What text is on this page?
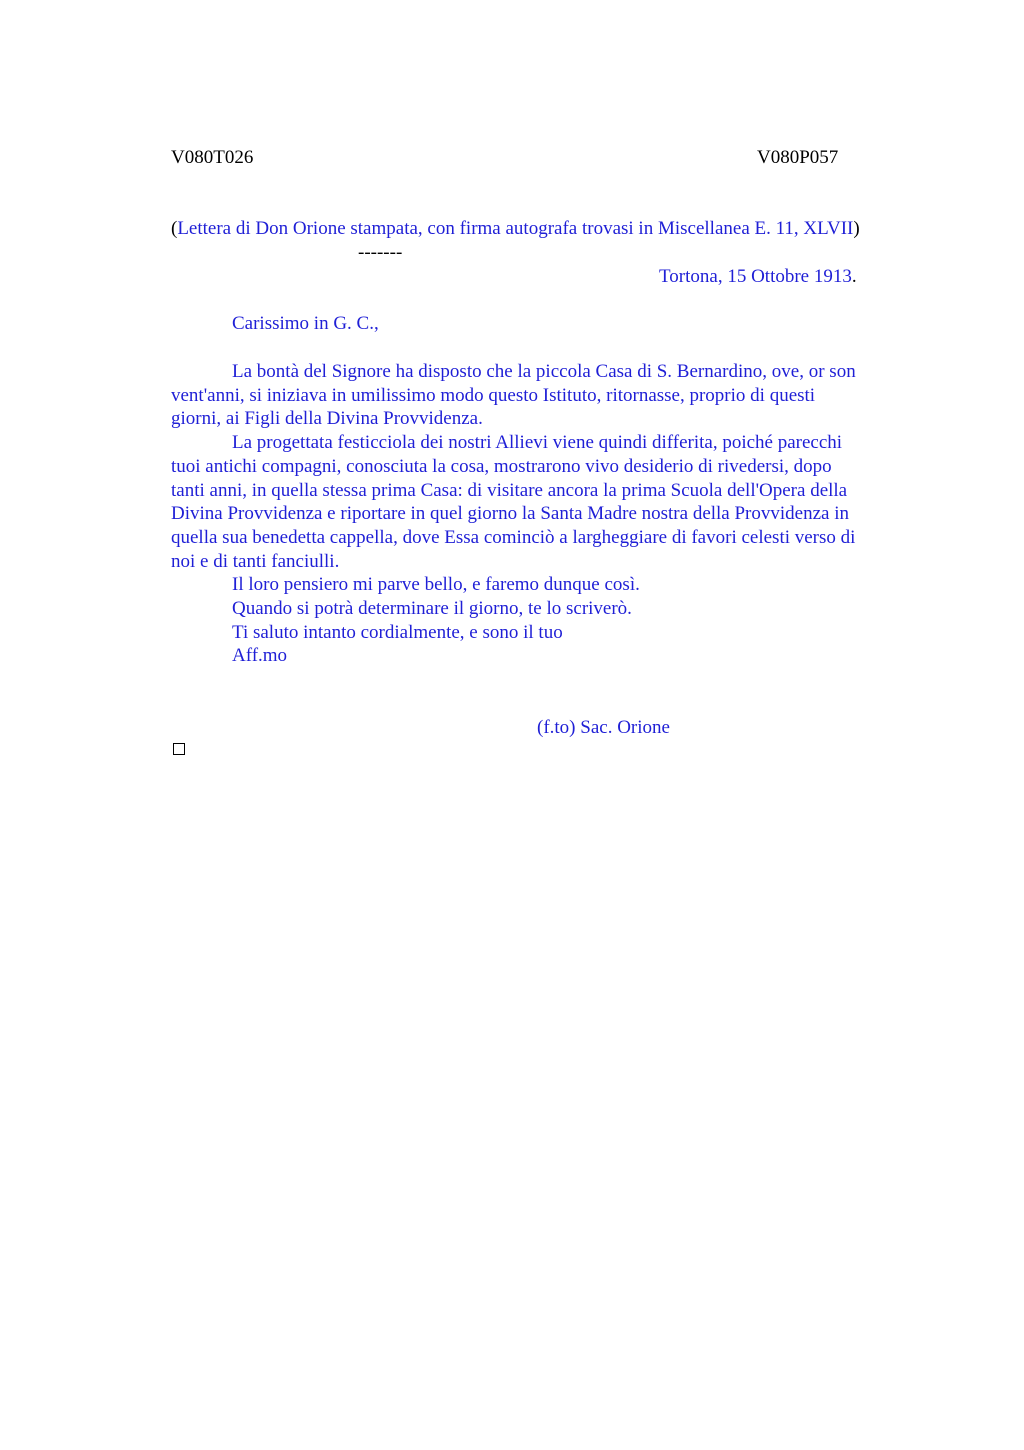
V080T026	V080P057
(Lettera di Don Orione stampata, con firma autografa trovasi in Miscellanea E. 11, XLVII)
-------
Tortona, 15 Ottobre 1913.
Carissimo in G. C.,
La bontà del Signore ha disposto che la piccola Casa di S. Bernardino, ove, or son
vent'anni, si iniziava in umilissimo modo questo Istituto, ritornasse, proprio di questi
giorni, ai Figli della Divina Provvidenza.
La progettata festicciola dei nostri Allievi viene quindi differita, poiché parecchi
tuoi antichi compagni, conosciuta la cosa, mostrarono vivo desiderio di rivedersi, dopo
tanti anni, in quella stessa prima Casa: di visitare ancora la prima Scuola dell'Opera della
Divina Provvidenza e riportare in quel giorno la Santa Madre nostra della Provvidenza in
quella sua benedetta cappella, dove Essa cominciò a largheggiare di favori celesti verso di
noi e di tanti fanciulli.
Il loro pensiero mi parve bello, e faremo dunque così.
Quando si potrà determinare il giorno, te lo scriverò.
Ti saluto intanto cordialmente, e sono il tuo
Aff.mo
(f.to) Sac. Orione
